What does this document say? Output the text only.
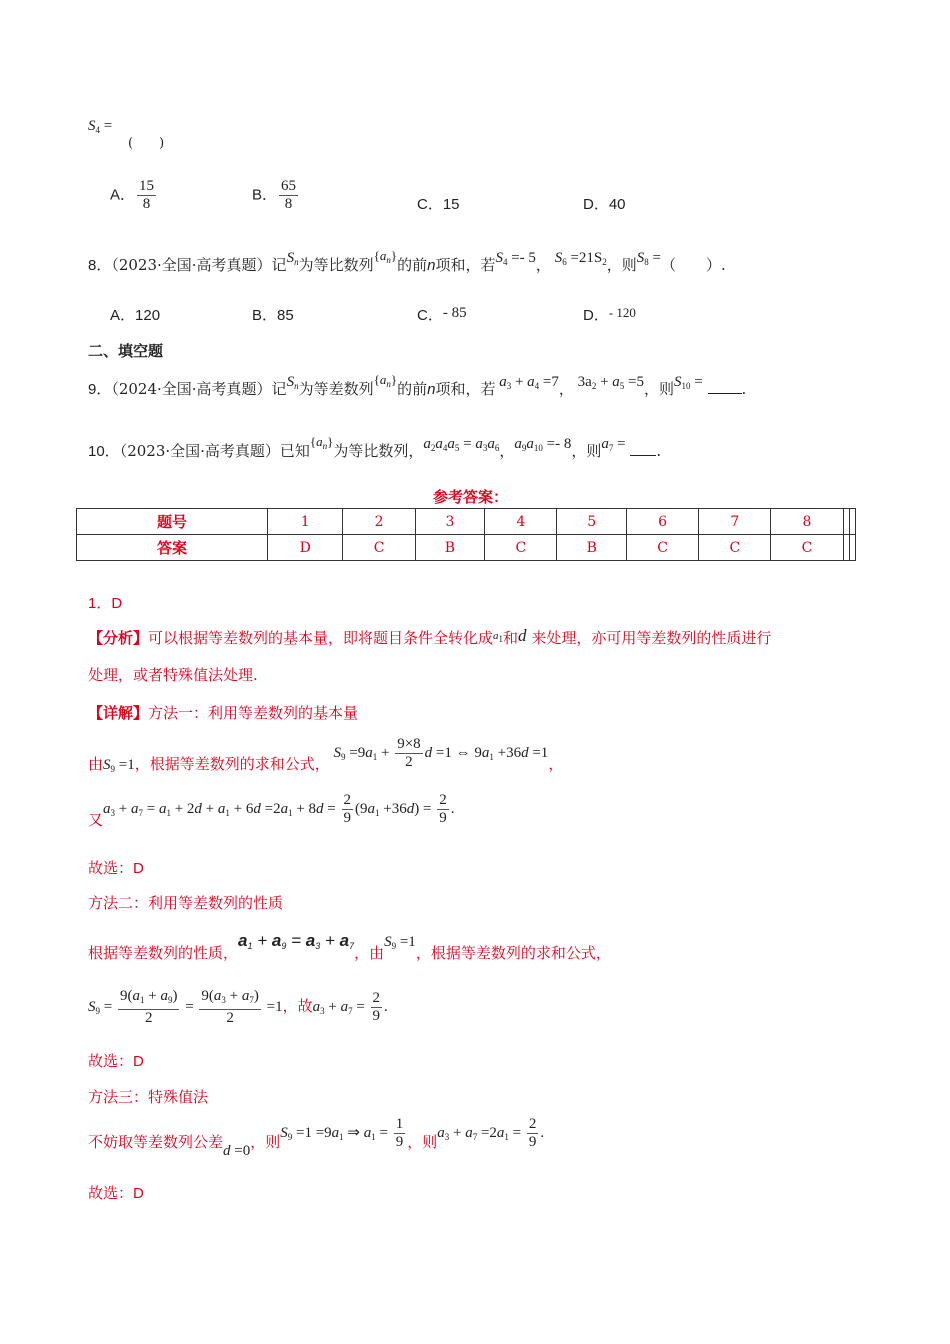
$S_4$ =
(　　)
A． $\frac{15}{8}$	B． $\frac{65}{8}$	C．15	D．40
8．（2023·全国·高考真题）记$S_n$为等比数列$\{a_n\}$的前n项和，若$S_4 =- 5$， $S_6 =21S_2$，则$S_8$ =（　　）.
A．120	B．85	C．- 85	D．- 120
二、填空题
9．（2024·全国·高考真题）记$S_n$为等差数列$\{a_n\}$的前n项和，若 $a_3 + a_4 =7$， $3a_2 + a_5 =5$，则$S_{10}$ =	.
10．（2023·全国·高考真题）已知$\{a_n\}$为等比数列，$a_2a_4a_5 = a_3a_6$，$a_9a_{10} =- 8$，则$a_7$ = .
参考答案：
题号	1	2	3	4	5	6	7	8		
答案	D	C	B	C	B	C	C	C		
1．D
【分析】可以根据等差数列的基本量，即将题目条件全转化成$^{a_1}$和d 来处理，亦可用等差数列的性质进行
处理，或者特殊值法处理.
【详解】方法一：利用等差数列的基本量
由$S_9 =1$，根据等差数列的求和公式， $S_9 =9a_1 + \frac{9\times 8}{2}$ d =1 ⇔ $9a_1 +36d =1$，
又$a_3 + a_7 = a_1 + 2d + a_1 + 6d =2a_1 + 8d = \frac{2}{9} (9a_1 +36d) = \frac{2}{9}$ .
故选：D
方法二：利用等差数列的性质
根据等差数列的性质，$a_1 + a_9 = a_3 + a_7$，由$S_9 =1$，根据等差数列的求和公式，
$S_9 = \frac{9(a_1 + a_9)}{2} = \frac{9(a_3 + a_7)}{2} =1$，故$a_3 + a_7 = \frac{2}{9}$ .
故选：D
方法三：特殊值法
不妨取等差数列公差d =0，则$S_9 =1 =9a_1$ ⇒ $a_1 = \frac{1}{9}$ ，则$a_3 + a_7 =2a_1 = \frac{2}{9}$ .
故选：D
